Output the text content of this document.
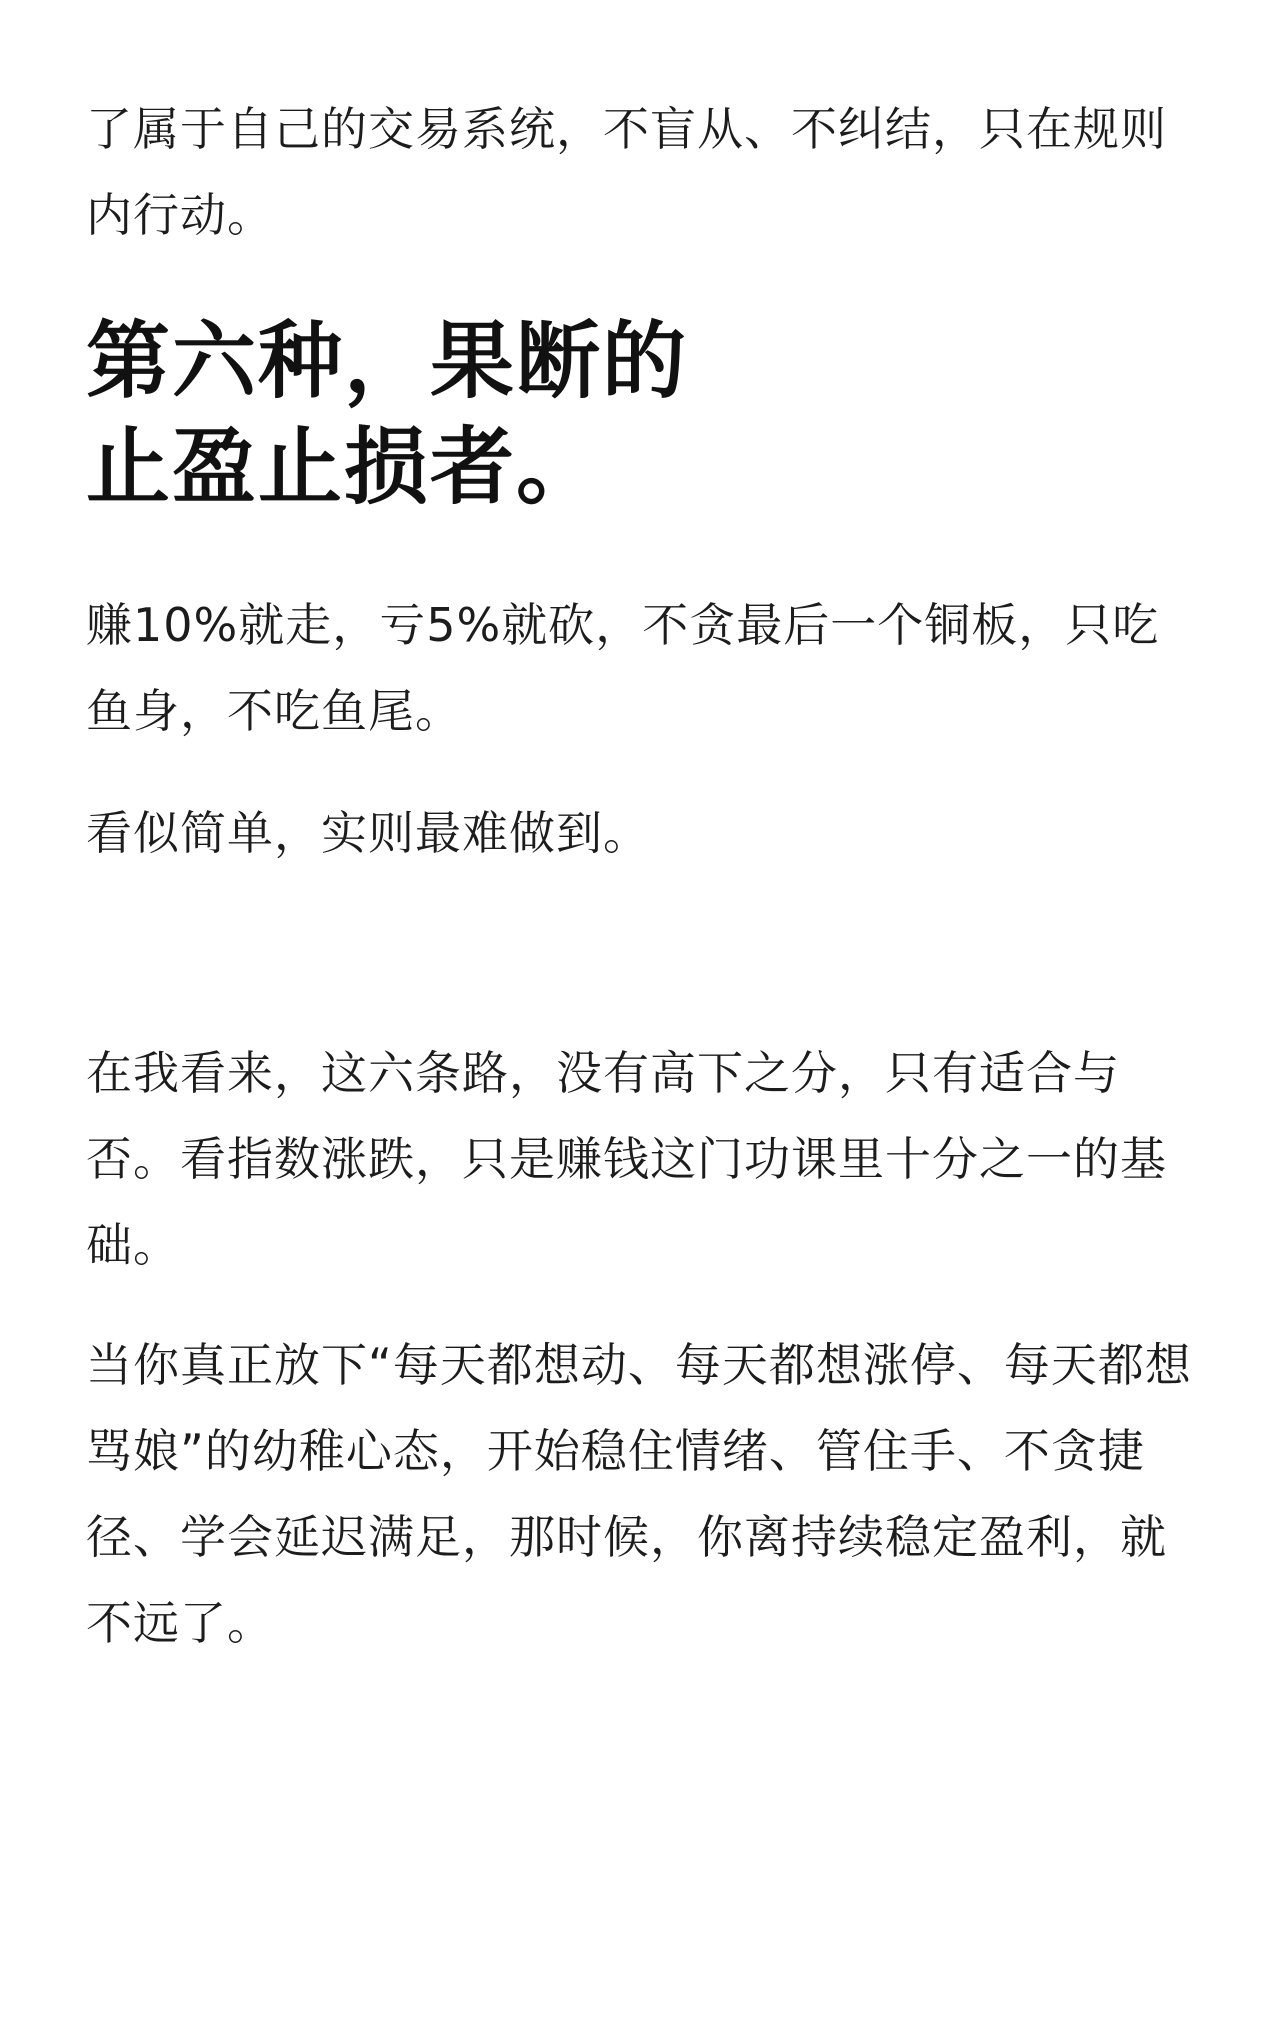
了属于自己的交易系统，不盲从、不纠结，只在规则内行动。

第六种，果断的
止盈止损者。

赚10%就走，亏5%就砍，不贪最后一个铜板，只吃鱼身，不吃鱼尾。

看似简单，实则最难做到。

在我看来，这六条路，没有高下之分，只有适合与否。看指数涨跌，只是赚钱这门功课里十分之一的基础。

当你真正放下“每天都想动、每天都想涨停、每天都想骂娘”的幼稚心态，开始稳住情绪、管住手、不贪捷径、学会延迟满足，那时候，你离持续稳定盈利，就不远了。
